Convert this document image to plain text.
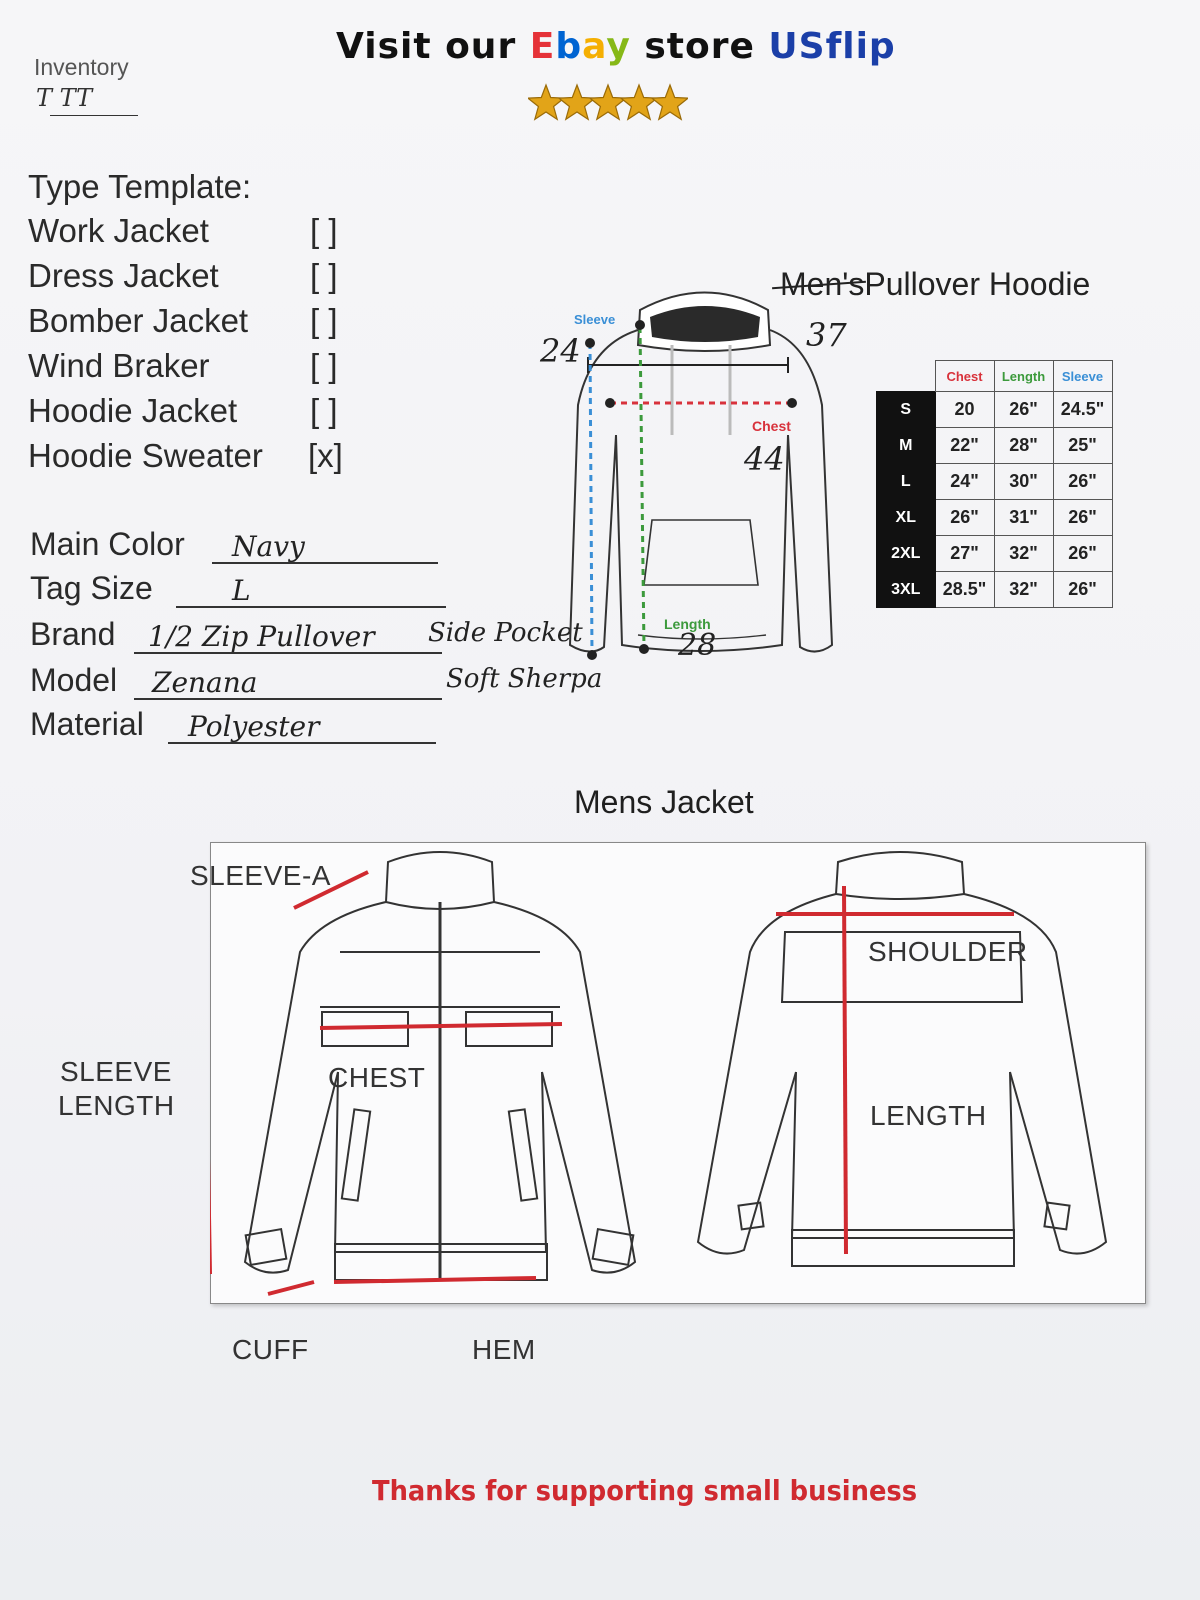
Inventory
T TT
Visit our Ebay store USflip
Type Template:
Work Jacket	[ ]
Dress Jacket	[ ]
Bomber Jacket [ ]
Wind Braker	[ ]
Hoodie Jacket [ ]
Hoodie Sweater [x]
Main Color Navy
Tag Size	L
Brand 1/2 Zip Pullover Side Pocket
Model Zenana	Soft Sherpa
Material Polyester
Men'sPullover Hoodie
Sleeve
Chest
Length
24	37
44
28
	Chest	Length	Sleeve
S	20	26"	24.5"
M	22"	28"	25"
L	24"	30"	26"
XL	26"	31"	26"
2XL	27"	32"	26"
3XL	28.5"	32"	26"
Mens Jacket
SLEEVE-A
SLEEVE
LENGTH
CHEST
SHOULDER
LENGTH
CUFF	HEM
Thanks for supporting small business
